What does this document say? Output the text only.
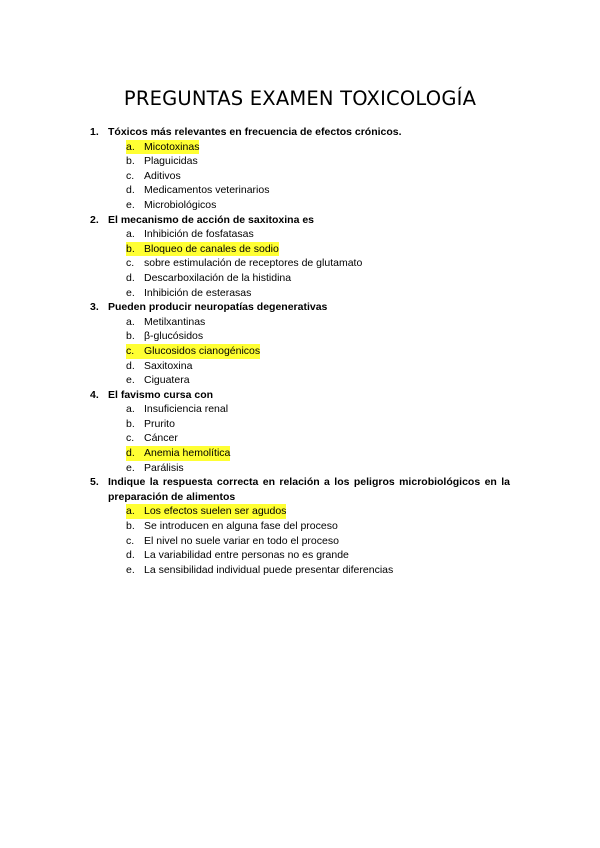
PREGUNTAS EXAMEN TOXICOLOGÍA
1. Tóxicos más relevantes en frecuencia de efectos crónicos.
a. Micotoxinas
b. Plaguicidas
c. Aditivos
d. Medicamentos veterinarios
e. Microbiológicos
2. El mecanismo de acción de saxitoxina es
a. Inhibición de fosfatasas
b. Bloqueo de canales de sodio
c. sobre estimulación de receptores de glutamato
d. Descarboxilación de la histidina
e. Inhibición de esterasas
3. Pueden producir neuropatías degenerativas
a. Metilxantinas
b. β-glucósidos
c. Glucosidos cianogénicos
d. Saxitoxina
e. Ciguatera
4. El favismo cursa con
a. Insuficiencia renal
b. Prurito
c. Cáncer
d. Anemia hemolítica
e. Parálisis
5. Indique la respuesta correcta en relación a los peligros microbiológicos en la preparación de alimentos
a. Los efectos suelen ser agudos
b. Se introducen en alguna fase del proceso
c. El nivel no suele variar en todo el proceso
d. La variabilidad entre personas no es grande
e. La sensibilidad individual puede presentar diferencias
